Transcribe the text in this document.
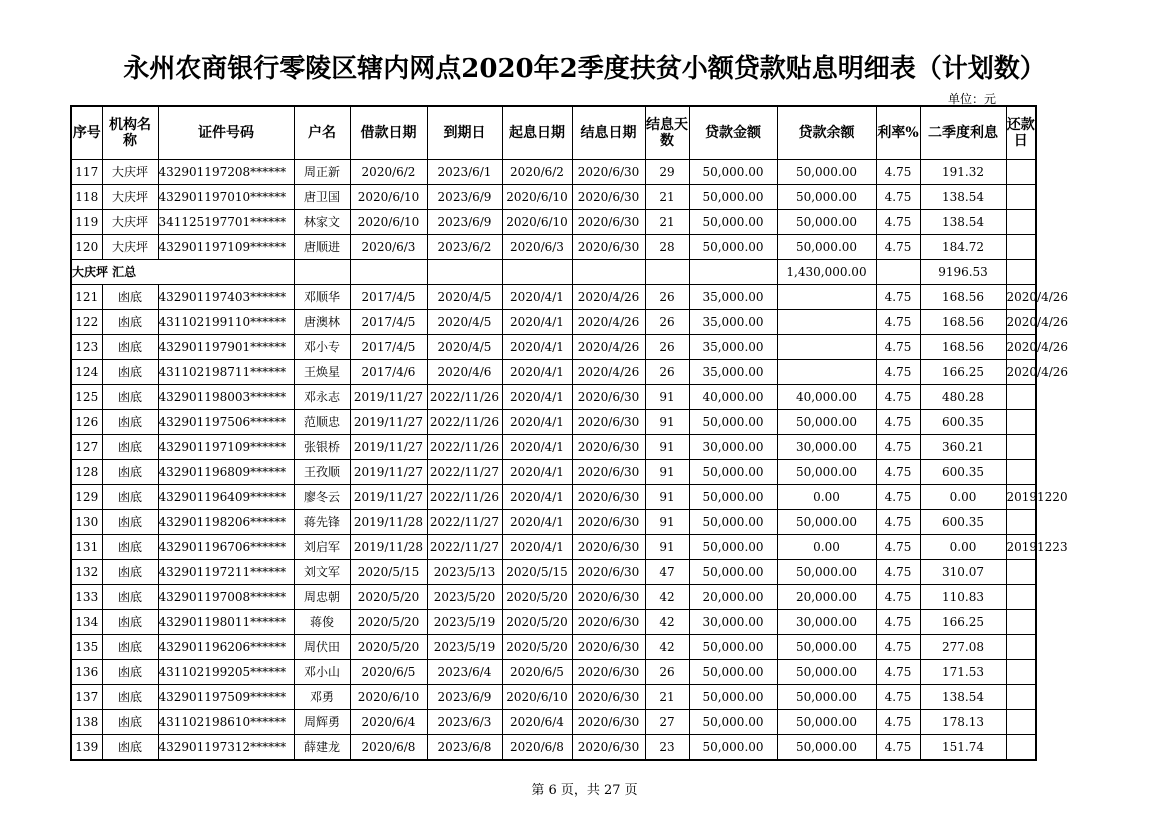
永州农商银行零陵区辖内网点2020年2季度扶贫小额贷款贴息明细表（计划数）
单位：元
序号	机构名称	证件号码	户名	借款日期	到期日	起息日期	结息日期	结息天数	贷款金额	贷款余额	利率%	二季度利息	还款日
117	大庆坪	432901197208******	周正新	2020/6/2	2023/6/1	2020/6/2	2020/6/30	29	50,000.00	50,000.00	4.75	191.32	
118	大庆坪	432901197010******	唐卫国	2020/6/10	2023/6/9	2020/6/10	2020/6/30	21	50,000.00	50,000.00	4.75	138.54	
119	大庆坪	341125197701******	林家文	2020/6/10	2023/6/9	2020/6/10	2020/6/30	21	50,000.00	50,000.00	4.75	138.54	
120	大庆坪	432901197109******	唐顺进	2020/6/3	2023/6/2	2020/6/3	2020/6/30	28	50,000.00	50,000.00	4.75	184.72	
大庆坪 汇总										1,430,000.00		9196.53	
121	凼底	432901197403******	邓顺华	2017/4/5	2020/4/5	2020/4/1	2020/4/26	26	35,000.00		4.75	168.56	2020/4/26
122	凼底	431102199110******	唐澳林	2017/4/5	2020/4/5	2020/4/1	2020/4/26	26	35,000.00		4.75	168.56	2020/4/26
123	凼底	432901197901******	邓小专	2017/4/5	2020/4/5	2020/4/1	2020/4/26	26	35,000.00		4.75	168.56	2020/4/26
124	凼底	431102198711******	王焕星	2017/4/6	2020/4/6	2020/4/1	2020/4/26	26	35,000.00		4.75	166.25	2020/4/26
125	凼底	432901198003******	邓永志	2019/11/27	2022/11/26	2020/4/1	2020/6/30	91	40,000.00	40,000.00	4.75	480.28	
126	凼底	432901197506******	范顺忠	2019/11/27	2022/11/26	2020/4/1	2020/6/30	91	50,000.00	50,000.00	4.75	600.35	
127	凼底	432901197109******	张银桥	2019/11/27	2022/11/26	2020/4/1	2020/6/30	91	30,000.00	30,000.00	4.75	360.21	
128	凼底	432901196809******	王孜顺	2019/11/27	2022/11/27	2020/4/1	2020/6/30	91	50,000.00	50,000.00	4.75	600.35	
129	凼底	432901196409******	廖冬云	2019/11/27	2022/11/26	2020/4/1	2020/6/30	91	50,000.00	0.00	4.75	0.00	20191220
130	凼底	432901198206******	蒋先锋	2019/11/28	2022/11/27	2020/4/1	2020/6/30	91	50,000.00	50,000.00	4.75	600.35	
131	凼底	432901196706******	刘启军	2019/11/28	2022/11/27	2020/4/1	2020/6/30	91	50,000.00	0.00	4.75	0.00	20191223
132	凼底	432901197211******	刘文军	2020/5/15	2023/5/13	2020/5/15	2020/6/30	47	50,000.00	50,000.00	4.75	310.07	
133	凼底	432901197008******	周忠朝	2020/5/20	2023/5/20	2020/5/20	2020/6/30	42	20,000.00	20,000.00	4.75	110.83	
134	凼底	432901198011******	蒋俊	2020/5/20	2023/5/19	2020/5/20	2020/6/30	42	30,000.00	30,000.00	4.75	166.25	
135	凼底	432901196206******	周伏田	2020/5/20	2023/5/19	2020/5/20	2020/6/30	42	50,000.00	50,000.00	4.75	277.08	
136	凼底	431102199205******	邓小山	2020/6/5	2023/6/4	2020/6/5	2020/6/30	26	50,000.00	50,000.00	4.75	171.53	
137	凼底	432901197509******	邓勇	2020/6/10	2023/6/9	2020/6/10	2020/6/30	21	50,000.00	50,000.00	4.75	138.54	
138	凼底	431102198610******	周辉勇	2020/6/4	2023/6/3	2020/6/4	2020/6/30	27	50,000.00	50,000.00	4.75	178.13	
139	凼底	432901197312******	薛建龙	2020/6/8	2023/6/8	2020/6/8	2020/6/30	23	50,000.00	50,000.00	4.75	151.74	
第 6 页，共 27 页
